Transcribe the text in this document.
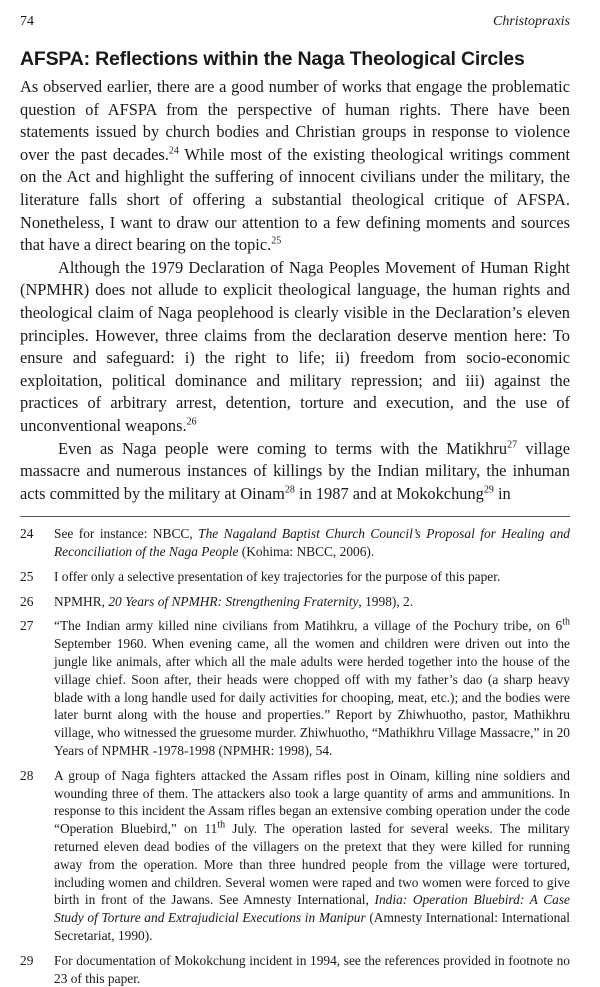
74	Christopraxis
AFSPA: Reflections within the Naga Theological Circles

As observed earlier, there are a good number of works that engage the problematic question of AFSPA from the perspective of human rights. There have been statements issued by church bodies and Christian groups in response to violence over the past decades.$^{24}$ While most of the existing theological writings comment on the Act and highlight the suffering of innocent civilians under the military, the literature falls short of offering a substantial theological critique of AFSPA. Nonetheless, I want to draw our attention to a few defining moments and sources that have a direct bearing on the topic.$^{25}$

Although the 1979 Declaration of Naga Peoples Movement of Human Right (NPMHR) does not allude to explicit theological language, the human rights and theological claim of Naga peoplehood is clearly visible in the Declaration’s eleven principles. However, three claims from the declaration deserve mention here: To ensure and safeguard: i) the right to life; ii) freedom from socio-economic exploitation, political dominance and military repression; and iii) against the practices of arbitrary arrest, detention, torture and execution, and the use of unconventional weapons.$^{26}$

Even as Naga people were coming to terms with the Matikhru$^{27}$ village massacre and numerous instances of killings by the Indian military, the inhuman acts committed by the military at Oinam$^{28}$ in 1987 and at Mokokchung$^{29}$ in

24	See for instance: NBCC, The Nagaland Baptist Church Council’s Proposal for Healing and Reconciliation of the Naga People (Kohima: NBCC, 2006).
25	I offer only a selective presentation of key trajectories for the purpose of this paper.
26	NPMHR, 20 Years of NPMHR: Strengthening Fraternity, 1998), 2.
27	“The Indian army killed nine civilians from Matihkru, a village of the Pochury tribe, on 6th September 1960. When evening came, all the women and children were driven out into the jungle like animals, after which all the male adults were herded together into the house of the village chief. Soon after, their heads were chopped off with my father’s dao (a sharp heavy blade with a long handle used for daily activities for chooping, meat, etc.); and the bodies were later burnt along with the house and properties.” Report by Zhiwhuotho, pastor, Mathikhru village, who witnessed the gruesome murder. Zhiwhuotho, “Mathikhru Village Massacre,” in 20 Years of NPMHR -1978-1998 (NPMHR: 1998), 54.
28	A group of Naga fighters attacked the Assam rifles post in Oinam, killing nine soldiers and wounding three of them. The attackers also took a large quantity of arms and ammunitions. In response to this incident the Assam rifles began an extensive combing operation under the code “Operation Bluebird,” on 11th July. The operation lasted for several weeks. The military returned eleven dead bodies of the villagers on the pretext that they were killed for running away from the operation. More than three hundred people from the village were tortured, including women and children. Several women were raped and two women were forced to give birth in front of the Jawans. See Amnesty International, India: Operation Bluebird: A Case Study of Torture and Extrajudicial Executions in Manipur (Amnesty International: International Secretariat, 1990).
29	For documentation of Mokokchung incident in 1994, see the references provided in footnote no 23 of this paper.
